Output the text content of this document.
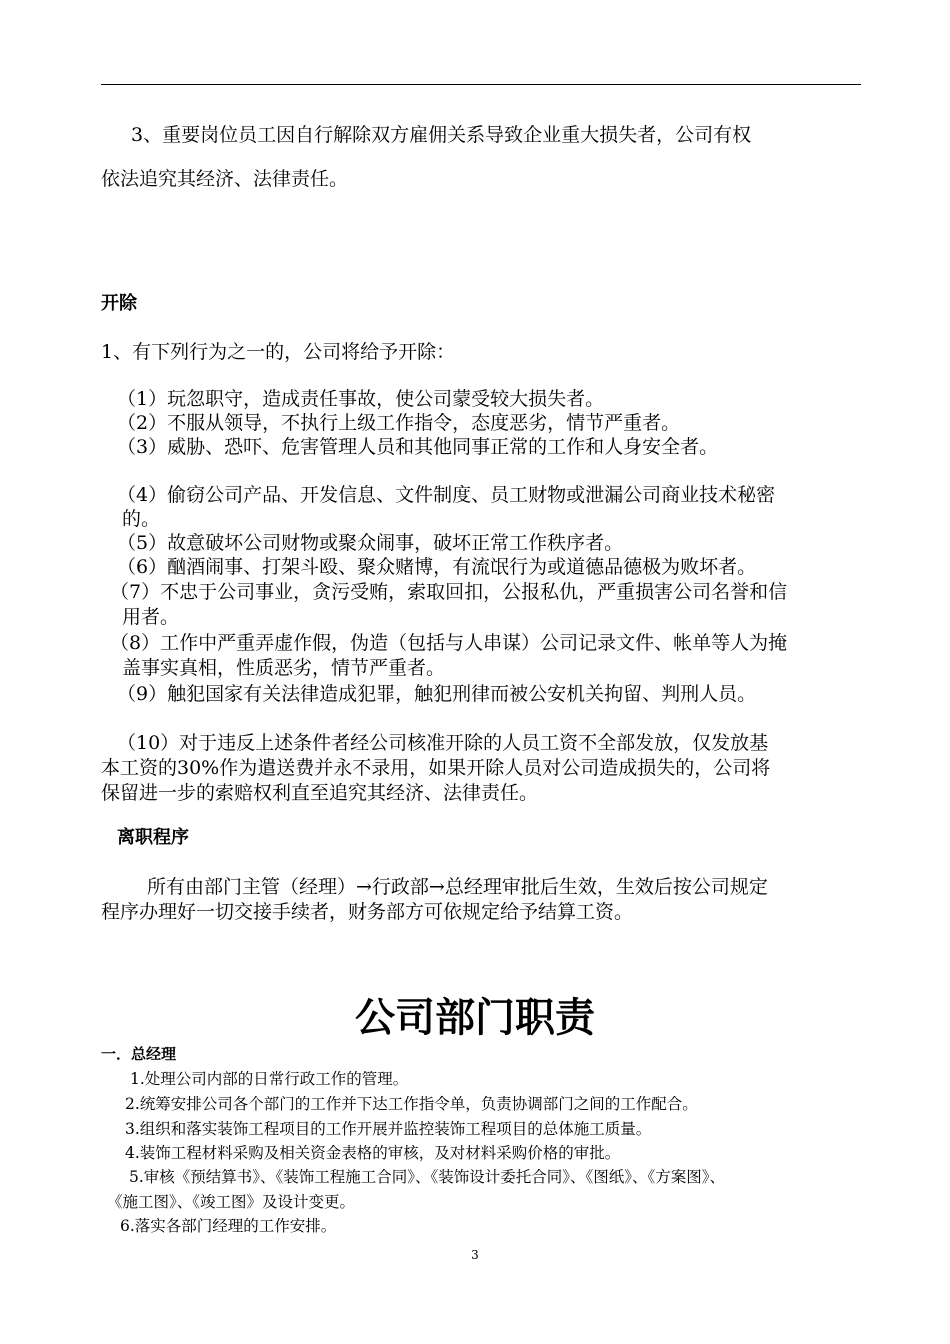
3、重要岗位员工因自行解除双方雇佣关系导致企业重大损失者，公司有权
依法追究其经济、法律责任。
开除
1、有下列行为之一的，公司将给予开除：
（1）玩忽职守，造成责任事故，使公司蒙受较大损失者。
（2）不服从领导，不执行上级工作指令，态度恶劣，情节严重者。
（3）威胁、恐吓、危害管理人员和其他同事正常的工作和人身安全者。
（4）偷窃公司产品、开发信息、文件制度、员工财物或泄漏公司商业技术秘密
的。
（5）故意破坏公司财物或聚众闹事，破坏正常工作秩序者。
（6）酗酒闹事、打架斗殴、聚众赌博，有流氓行为或道德品德极为败坏者。
（7）不忠于公司事业，贪污受贿，索取回扣，公报私仇，严重损害公司名誉和信
用者。
（8）工作中严重弄虚作假，伪造（包括与人串谋）公司记录文件、帐单等人为掩
盖事实真相，性质恶劣，情节严重者。
（9）触犯国家有关法律造成犯罪，触犯刑律而被公安机关拘留、判刑人员。
（10）对于违反上述条件者经公司核准开除的人员工资不全部发放，仅发放基
本工资的30%作为遣送费并永不录用，如果开除人员对公司造成损失的，公司将
保留进一步的索赔权利直至追究其经济、法律责任。
离职程序
所有由部门主管（经理）→行政部→总经理审批后生效，生效后按公司规定
程序办理好一切交接手续者，财务部方可依规定给予结算工资。
公司部门职责
一．总经理
1.处理公司内部的日常行政工作的管理。
2.统筹安排公司各个部门的工作并下达工作指令单，负责协调部门之间的工作配合。
3.组织和落实装饰工程项目的工作开展并监控装饰工程项目的总体施工质量。
4.装饰工程材料采购及相关资金表格的审核，及对材料采购价格的审批。
5.审核《预结算书》、《装饰工程施工合同》、《装饰设计委托合同》、《图纸》、《方案图》、
《施工图》、《竣工图》及设计变更。
6.落实各部门经理的工作安排。
3
